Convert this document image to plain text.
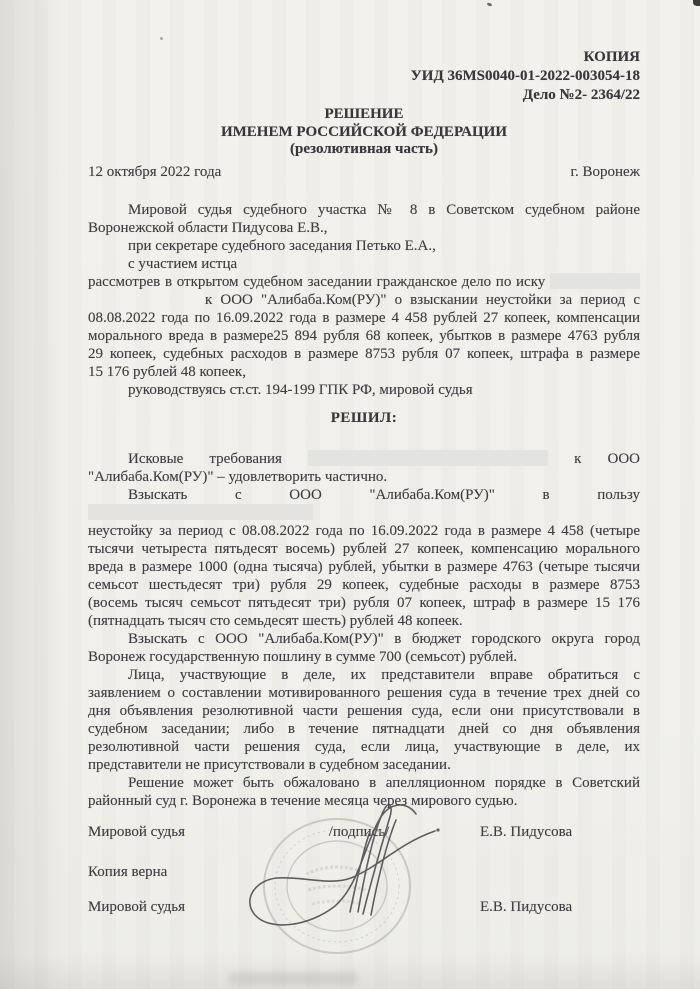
КОПИЯ
УИД 36MS0040-01-2022-003054-18
Дело №2- 2364/22
РЕШЕНИЕ
ИМЕНЕМ РОССИЙСКОЙ ФЕДЕРАЦИИ
(резолютивная часть)
12 октября 2022 года	г. Воронеж
Мировой судья судебного участка № 8 в Советском судебном районе
Воронежской области Пидусова Е.В.,
при секретаре судебного заседания Петько Е.А.,
с участием истца
рассмотрев в открытом судебном заседании гражданское дело по иску
к ООО "Алибаба.Ком(РУ)" о взыскании неустойки за период с
08.08.2022 года по 16.09.2022 года в размере 4 458 рублей 27 копеек, компенсации
морального вреда в размере25 894 рубля 68 копеек, убытков в размере 4763 рубля
29 копеек, судебных расходов в размере 8753 рубля 07 копеек, штрафа в размере
15 176 рублей 48 копеек,
руководствуясь ст.ст. 194-199 ГПК РФ, мировой судья
РЕШИЛ:
Исковые требования	к ООО
"Алибаба.Ком(РУ)" – удовлетворить частично.
Взыскать с ООО "Алибаба.Ком(РУ)" в пользу
неустойку за период с 08.08.2022 года по 16.09.2022 года в размере 4 458 (четыре
тысячи четыреста пятьдесят восемь) рублей 27 копеек, компенсацию морального
вреда в размере 1000 (одна тысяча) рублей, убытки в размере 4763 (четыре тысячи
семьсот шестьдесят три) рубля 29 копеек, судебные расходы в размере 8753
(восемь тысяч семьсот пятьдесят три) рубля 07 копеек, штраф в размере 15 176
(пятнадцать тысяч сто семьдесят шесть) рублей 48 копеек.
Взыскать с ООО "Алибаба.Ком(РУ)" в бюджет городского округа город
Воронеж государственную пошлину в сумме 700 (семьсот) рублей.
Лица, участвующие в деле, их представители вправе обратиться с
заявлением о составлении мотивированного решения суда в течение трех дней со
дня объявления резолютивной части решения суда, если они присутствовали в
судебном заседании; либо в течение пятнадцати дней со дня объявления
резолютивной части решения суда, если лица, участвующие в деле, их
представители не присутствовали в судебном заседании.
Решение может быть обжаловано в апелляционном порядке в Советский
районный суд г. Воронежа в течение месяца через мирового судью.
Мировой судья	/подпись/	Е.В. Пидусова
Копия верна
Мировой судья	Е.В. Пидусова
